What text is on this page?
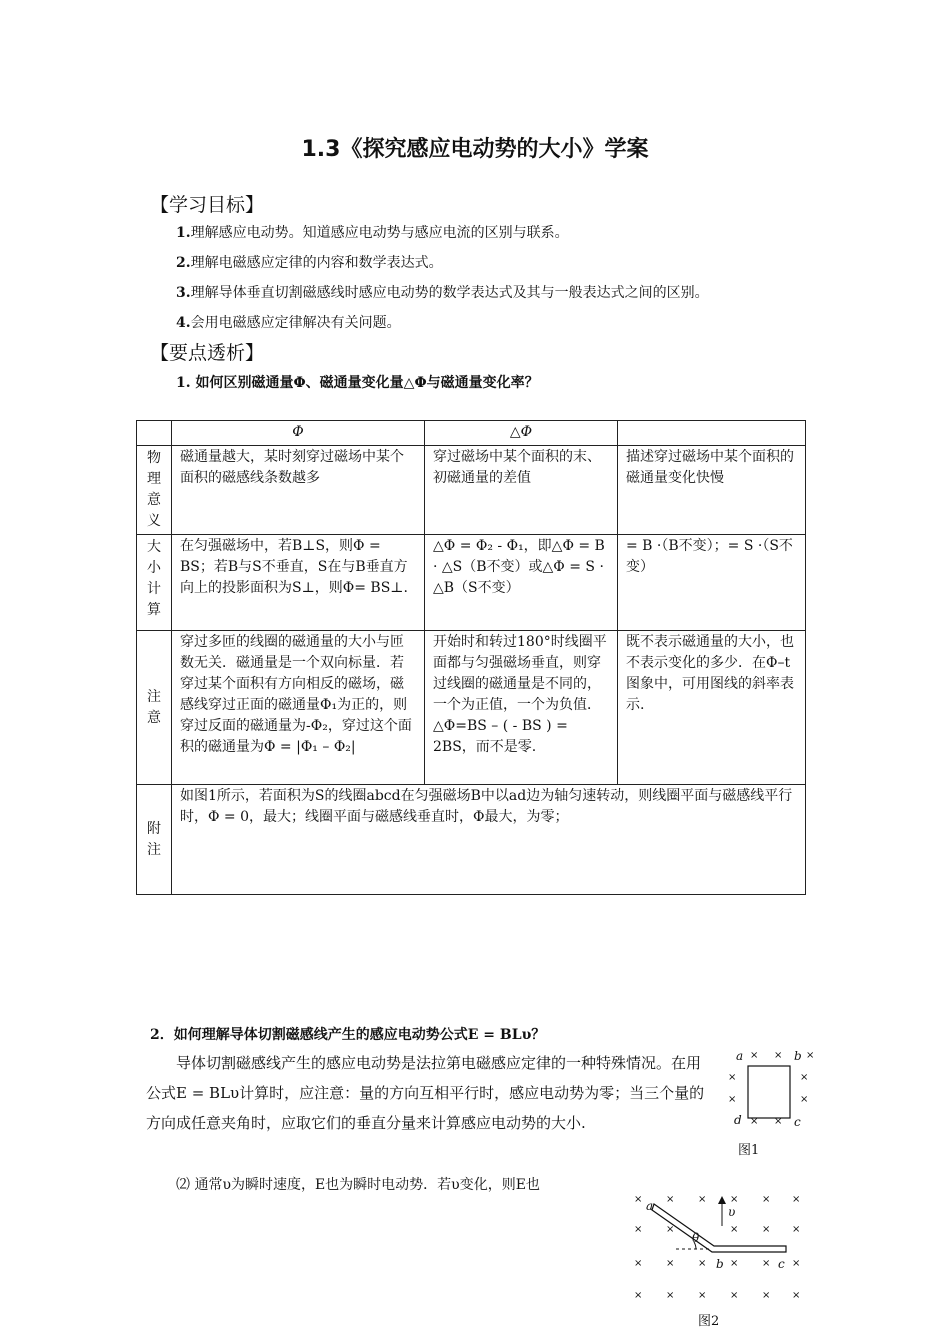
1.3《探究感应电动势的大小》学案
【学习目标】
1.理解感应电动势。知道感应电动势与感应电流的区别与联系。
2.理解电磁感应定律的内容和数学表达式。
3.理解导体垂直切割磁感线时感应电动势的数学表达式及其与一般表达式之间的区别。
4.会用电磁感应定律解决有关问题。
【要点透析】
1. 如何区别磁通量Φ、磁通量变化量△Φ与磁通量变化率？
	Φ	△Φ	
物理意义	磁通量越大，某时刻穿过磁场中某个面积的磁感线条数越多	穿过磁场中某个面积的末、初磁通量的差值	描述穿过磁场中某个面积的磁通量变化快慢
大小计算	在匀强磁场中，若B⊥S，则Φ = BS；若B与S不垂直，S在与B垂直方向上的投影面积为S⊥，则Φ= BS⊥.	△Φ = Φ₂ - Φ₁，即△Φ = B · △S（B不变）或△Φ = S · △B（S不变）	= B ·（B不变）；= S ·（S不变）
注意	穿过多匝的线圈的磁通量的大小与匝数无关．磁通量是一个双向标量．若穿过某个面积有方向相反的磁场，磁感线穿过正面的磁通量Φ₁为正的，则穿过反面的磁通量为-Φ₂，穿过这个面积的磁通量为Φ = |Φ₁ – Φ₂|	开始时和转过180°时线圈平面都与匀强磁场垂直，则穿过线圈的磁通量是不同的，一个为正值，一个为负值．△Φ=BS – ( - BS ) = 2BS，而不是零.	既不表示磁通量的大小，也不表示变化的多少．在Φ–t图象中，可用图线的斜率表示.
附注	如图1所示，若面积为S的线圈abcd在匀强磁场B中以ad边为轴匀速转动，则线圈平面与磁感线平行时，Φ = 0，最大；线圈平面与磁感线垂直时，Φ最大，为零；		
2．如何理解导体切割磁感线产生的感应电动势公式E = BLυ？
导体切割磁感线产生的感应电动势是法拉第电磁感应定律的一种特殊情况。在用公式E = BLυ计算时，应注意：量的方向互相平行时，感应电动势为零；当三个量的方向成任意夹角时，应取它们的垂直分量来计算感应电动势的大小.
⑵ 通常υ为瞬时速度，E也为瞬时电动势．若υ变化，则E也
× ×
×	×
×	×
× ×
×
a	b
c
d
图1
× × × × × ×
× ×	× × ×
× × × × × ×
× × × × × ×
a
b	c
υ
θ
图2
